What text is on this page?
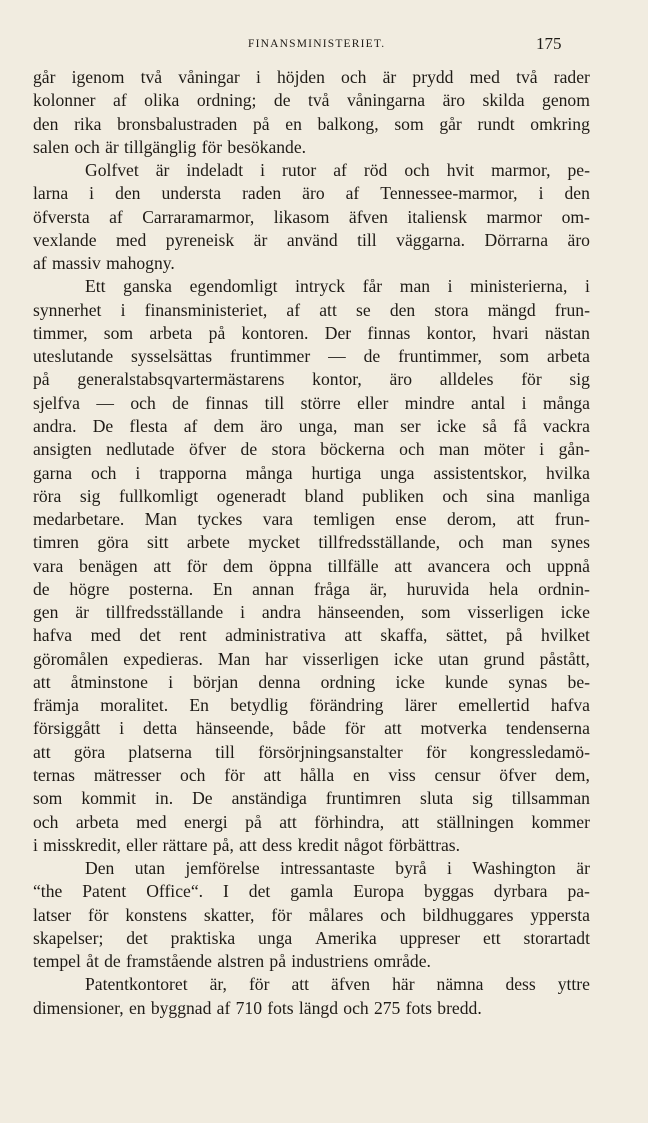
FINANSMINISTERIET.	175
går igenom två våningar i höjden och är prydd med två rader
kolonner af olika ordning; de två våningarna äro skilda genom
den rika bronsbalustraden på en balkong, som går rundt omkring
salen och är tillgänglig för besökande.
Golfvet är indeladt i rutor af röd och hvit marmor, pe-
larna i den understa raden äro af Tennessee-marmor, i den
öfversta af Carraramarmor, likasom äfven italiensk marmor om-
vexlande med pyreneisk är använd till väggarna. Dörrarna äro
af massiv mahogny.
Ett ganska egendomligt intryck får man i ministerierna, i
synnerhet i finansministeriet, af att se den stora mängd frun-
timmer, som arbeta på kontoren. Der finnas kontor, hvari nästan
uteslutande sysselsättas fruntimmer — de fruntimmer, som arbeta
på generalstabsqvartermästarens kontor, äro alldeles för sig
sjelfva — och de finnas till större eller mindre antal i många
andra. De flesta af dem äro unga, man ser icke så få vackra
ansigten nedlutade öfver de stora böckerna och man möter i gån-
garna och i trapporna många hurtiga unga assistentskor, hvilka
röra sig fullkomligt ogeneradt bland publiken och sina manliga
medarbetare. Man tyckes vara temligen ense derom, att frun-
timren göra sitt arbete mycket tillfredsställande, och man synes
vara benägen att för dem öppna tillfälle att avancera och uppnå
de högre posterna. En annan fråga är, huruvida hela ordnin-
gen är tillfredsställande i andra hänseenden, som visserligen icke
hafva med det rent administrativa att skaffa, sättet, på hvilket
göromålen expedieras. Man har visserligen icke utan grund påstått,
att åtminstone i början denna ordning icke kunde synas be-
främja moralitet. En betydlig förändring lärer emellertid hafva
försiggått i detta hänseende, både för att motverka tendenserna
att göra platserna till försörjningsanstalter för kongressledamö-
ternas mätresser och för att hålla en viss censur öfver dem,
som kommit in. De anständiga fruntimren sluta sig tillsamman
och arbeta med energi på att förhindra, att ställningen kommer
i misskredit, eller rättare på, att dess kredit något förbättras.
Den utan jemförelse intressantaste byrå i Washington är
“the Patent Office“. I det gamla Europa byggas dyrbara pa-
latser för konstens skatter, för målares och bildhuggares yppersta
skapelser; det praktiska unga Amerika uppreser ett storartadt
tempel åt de framstående alstren på industriens område.
Patentkontoret är, för att äfven här nämna dess yttre
dimensioner, en byggnad af 710 fots längd och 275 fots bredd.
